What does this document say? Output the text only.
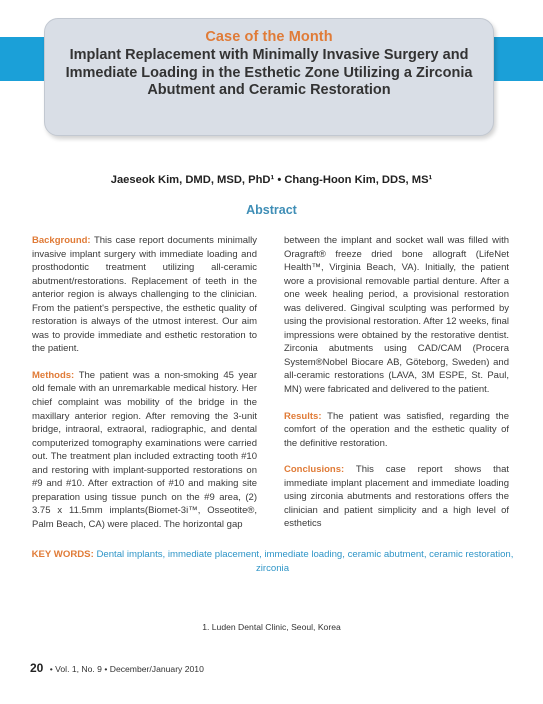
Case of the Month
Implant Replacement with Minimally Invasive Surgery and Immediate Loading in the Esthetic Zone Utilizing a Zirconia Abutment and Ceramic Restoration
Jaeseok Kim, DMD, MSD, PhD¹ • Chang-Hoon Kim, DDS, MS¹
Abstract

Background: This case report documents minimally invasive implant surgery with immediate loading and prosthodontic treatment utilizing all-ceramic abutment/restorations. Replacement of teeth in the anterior region is always challenging to the clinician. From the patient's perspective, the esthetic quality of restoration is always of the utmost interest. Our aim was to provide immediate and esthetic restoration to the patient.

Methods: The patient was a non-smoking 45 year old female with an unremarkable medical history. Her chief complaint was mobility of the bridge in the maxillary anterior region. After removing the 3-unit bridge, intraoral, extraoral, radiographic, and dental computerized tomography examinations were carried out. The treatment plan included extracting tooth #10 and restoring with implant-supported restorations on #9 and #10. After extraction of #10 and making site preparation using tissue punch on the #9 area, (2) 3.75 x 11.5mm implants(Biomet-3i™, Osseotite®, Palm Beach, CA) were placed. The horizontal gap

between the implant and socket wall was filled with Oragraft® freeze dried bone allograft (LifeNet Health™, Virginia Beach, VA). Initially, the patient wore a provisional removable partial denture. After a one week healing period, a provisional restoration was delivered. Gingival sculpting was performed by using the provisional restoration. After 12 weeks, final impressions were obtained by the restorative dentist. Zirconia abutments using CAD/CAM (Procera System®Nobel Biocare AB, Göteborg, Sweden) and all-ceramic restorations (LAVA, 3M ESPE, St. Paul, MN) were fabricated and delivered to the patient.

Results: The patient was satisfied, regarding the comfort of the operation and the esthetic quality of the definitive restoration.

Conclusions: This case report shows that immediate implant placement and immediate loading using zirconia abutments and restorations offers the clinician and patient simplicity and a high level of esthetics

KEY WORDS: Dental implants, immediate placement, immediate loading, ceramic abutment, ceramic restoration, zirconia
1. Luden Dental Clinic, Seoul, Korea
20 • Vol. 1, No. 9 • December/January 2010
